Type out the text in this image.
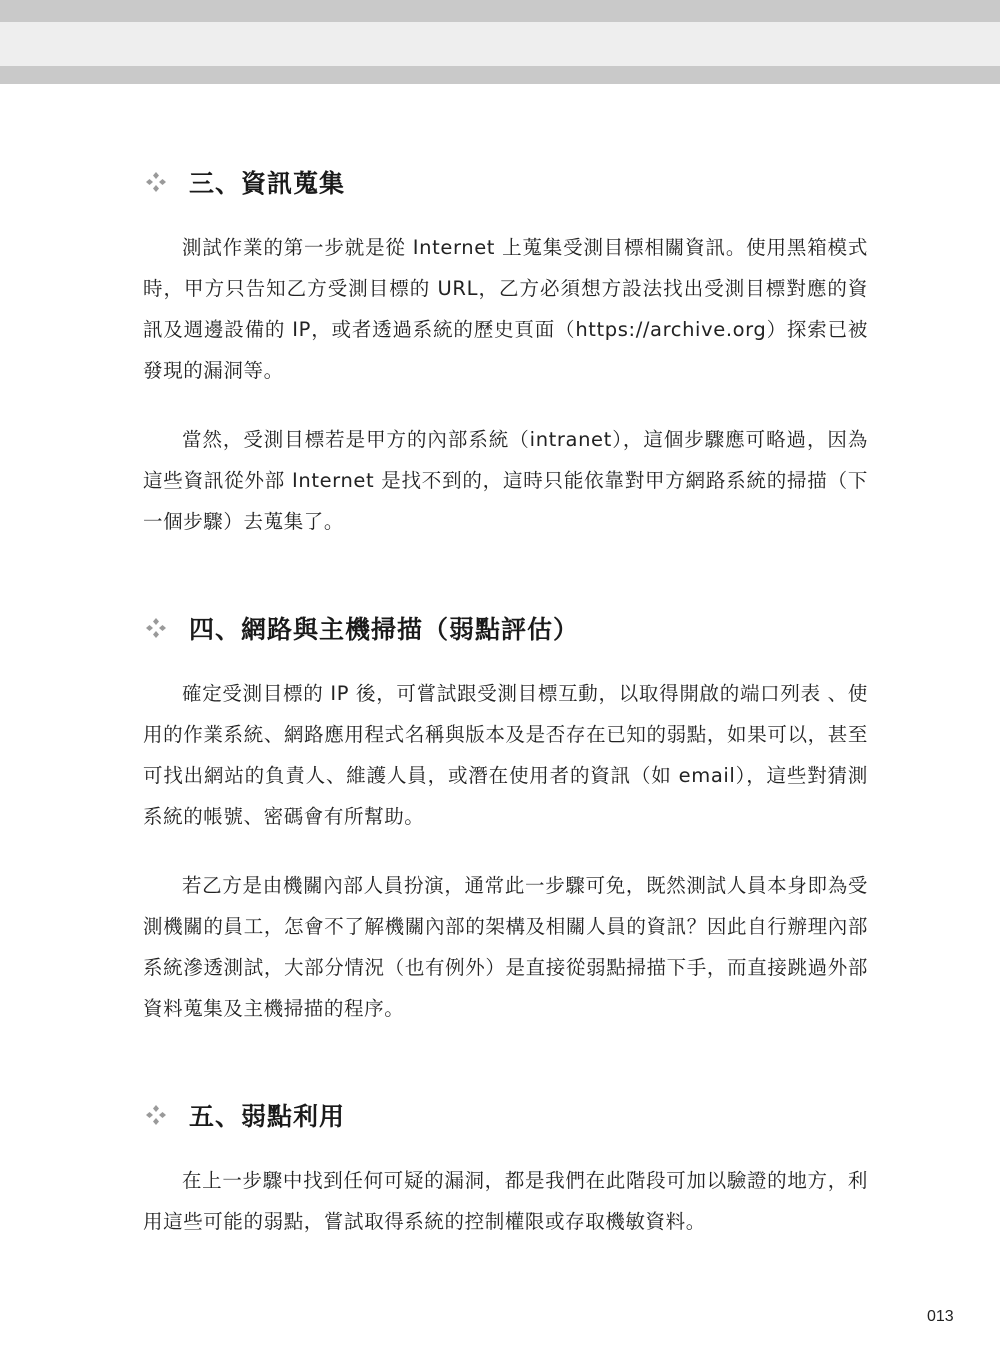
三、資訊蒐集

測試作業的第一步就是從 Internet 上蒐集受測目標相關資訊。使用黑箱模式時，甲方只告知乙方受測目標的 URL，乙方必須想方設法找出受測目標對應的資訊及週邊設備的 IP，或者透過系統的歷史頁面（https://archive.org）探索已被發現的漏洞等。

當然，受測目標若是甲方的內部系統（intranet），這個步驟應可略過，因為這些資訊從外部 Internet 是找不到的，這時只能依靠對甲方網路系統的掃描（下一個步驟）去蒐集了。

四、網路與主機掃描（弱點評估）

確定受測目標的 IP 後，可嘗試跟受測目標互動，以取得開啟的端口列表 、使用的作業系統、網路應用程式名稱與版本及是否存在已知的弱點，如果可以，甚至可找出網站的負責人、維護人員，或潛在使用者的資訊（如 email），這些對猜測系統的帳號、密碼會有所幫助。

若乙方是由機關內部人員扮演，通常此一步驟可免，既然測試人員本身即為受測機關的員工，怎會不了解機關內部的架構及相關人員的資訊？因此自行辦理內部系統滲透測試，大部分情況（也有例外）是直接從弱點掃描下手，而直接跳過外部資料蒐集及主機掃描的程序。

五、弱點利用

在上一步驟中找到任何可疑的漏洞，都是我們在此階段可加以驗證的地方，利用這些可能的弱點，嘗試取得系統的控制權限或存取機敏資料。

013
